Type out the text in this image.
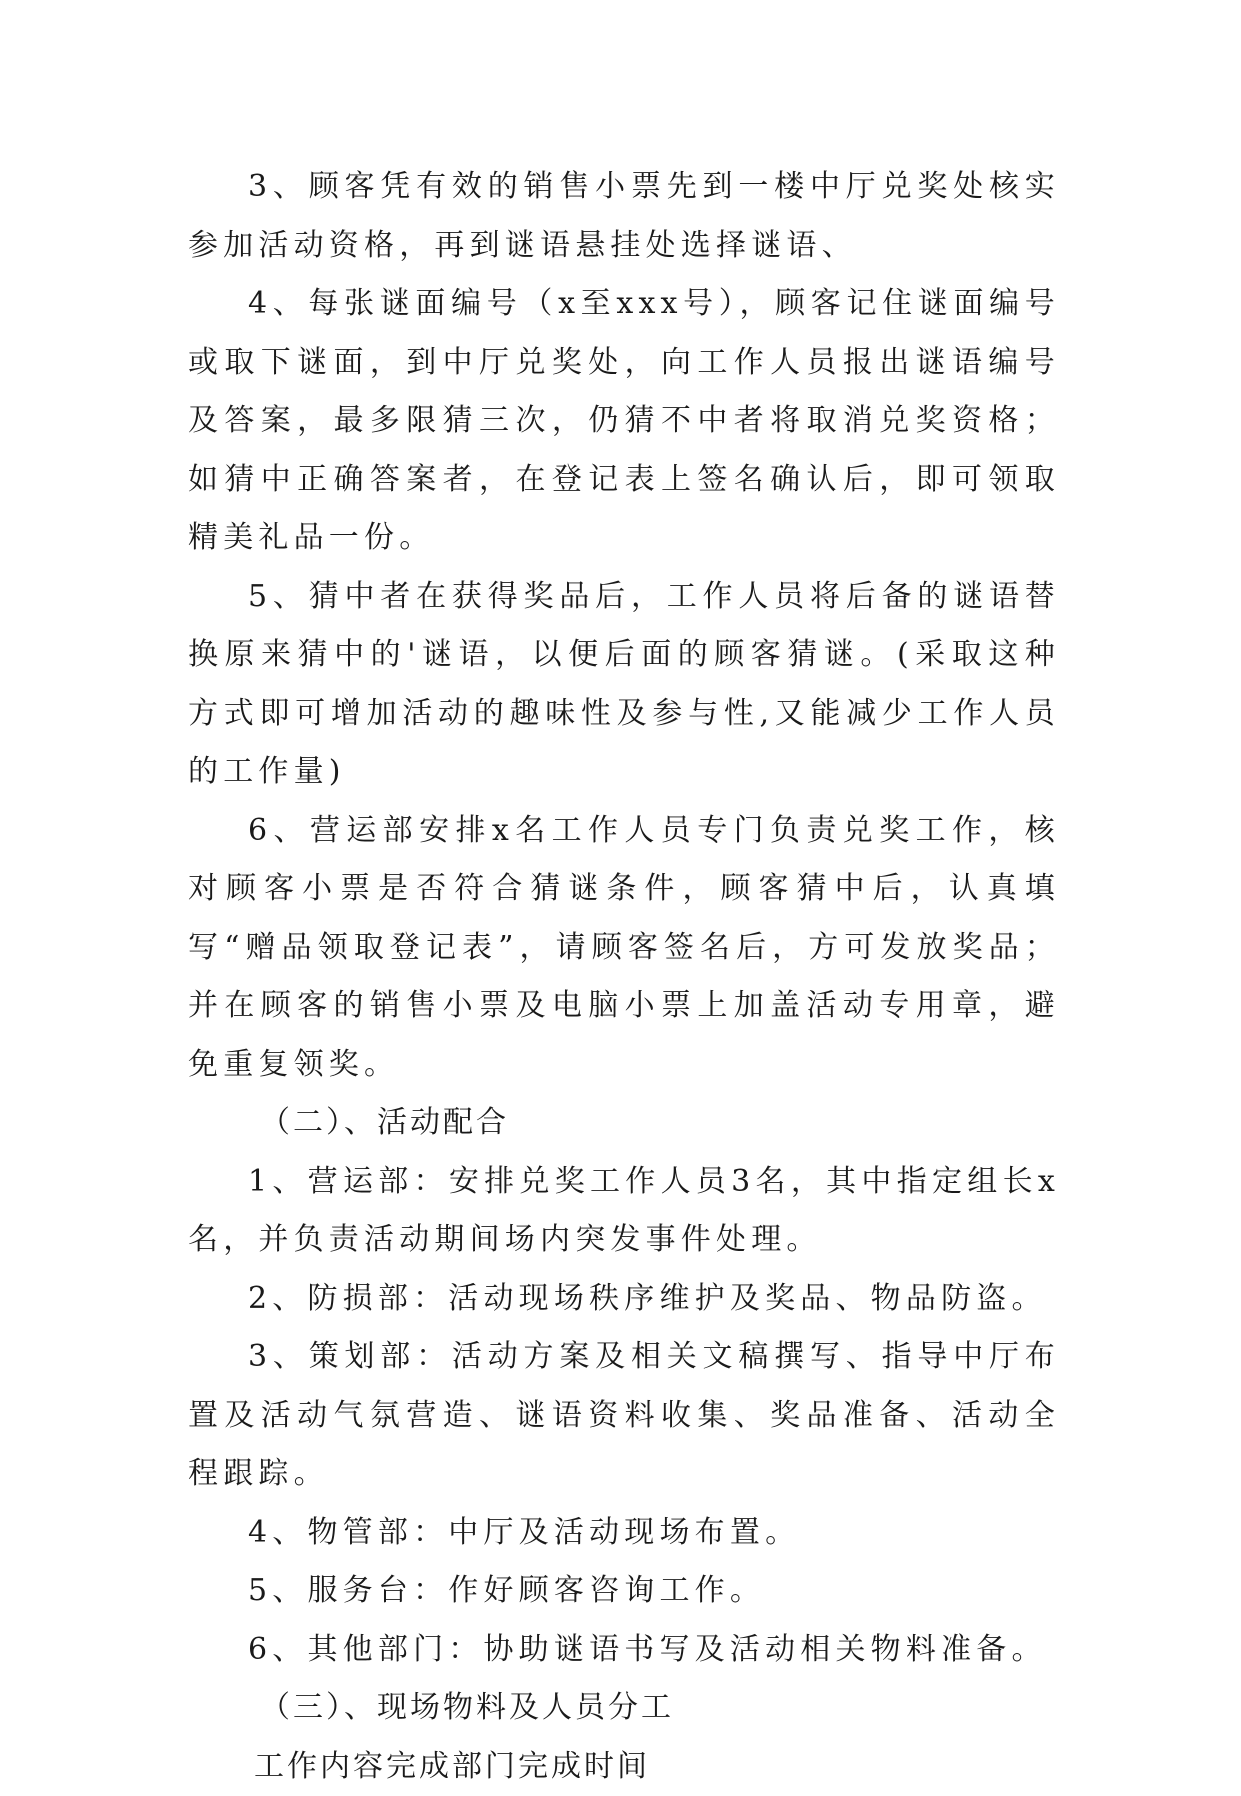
3、顾客凭有效的销售小票先到一楼中厅兑奖处核实参加活动资格，再到谜语悬挂处选择谜语、

4、每张谜面编号（x至xxx号），顾客记住谜面编号或取下谜面，到中厅兑奖处，向工作人员报出谜语编号及答案，最多限猜三次，仍猜不中者将取消兑奖资格；如猜中正确答案者，在登记表上签名确认后，即可领取精美礼品一份。

5、猜中者在获得奖品后，工作人员将后备的谜语替换原来猜中的'谜语，以便后面的顾客猜谜。(采取这种方式即可增加活动的趣味性及参与性,又能减少工作人员的工作量)

6、营运部安排x名工作人员专门负责兑奖工作，核对顾客小票是否符合猜谜条件，顾客猜中后，认真填写“赠品领取登记表”，请顾客签名后，方可发放奖品；并在顾客的销售小票及电脑小票上加盖活动专用章，避免重复领奖。

（二）、活动配合

1、营运部：安排兑奖工作人员3名，其中指定组长x名，并负责活动期间场内突发事件处理。

2、防损部：活动现场秩序维护及奖品、物品防盗。

3、策划部：活动方案及相关文稿撰写、指导中厅布置及活动气氛营造、谜语资料收集、奖品准备、活动全程跟踪。

4、物管部：中厅及活动现场布置。

5、服务台：作好顾客咨询工作。

6、其他部门：协助谜语书写及活动相关物料准备。

（三）、现场物料及人员分工

工作内容完成部门完成时间
